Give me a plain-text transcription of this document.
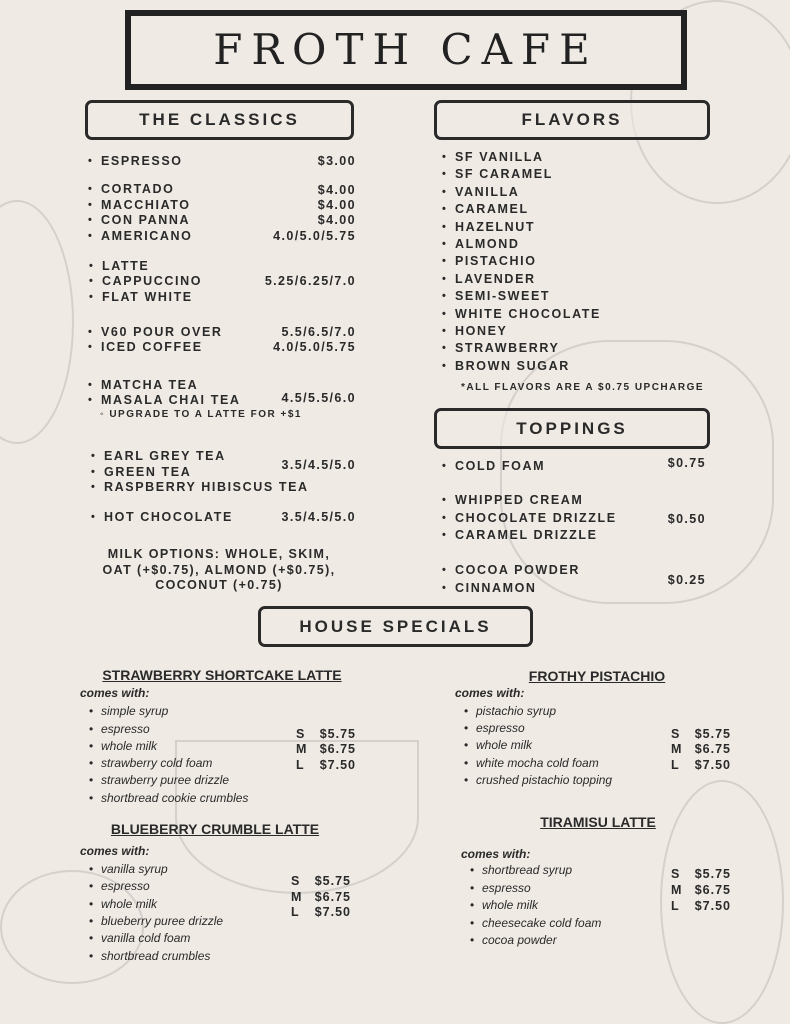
FROTH CAFE
THE CLASSICS	FLAVORS
TOPPINGS
HOUSE SPECIALS
◦ UPGRADE TO A LATTE FOR +$1
MILK OPTIONS: WHOLE, SKIM,
OAT (+$0.75), ALMOND (+$0.75),
COCONUT (+0.75)
*ALL FLAVORS ARE A $0.75 UPCHARGE
• ESPRESSO
• CORTADO
• MACCHIATO
• CON PANNA
• AMERICANO
• LATTE
• CAPPUCCINO
• FLAT WHITE
• V60 POUR OVER
• ICED COFFEE
• MATCHA TEA
• MASALA CHAI TEA
• EARL GREY TEA
• GREEN TEA
• RASPBERRY HIBISCUS TEA
• HOT CHOCOLATE
$3.00
$4.00
$4.00
$4.00
4.0/5.0/5.75
5.25/6.25/7.0
5.5/6.5/7.0
4.0/5.0/5.75
4.5/5.5/6.0
3.5/4.5/5.0
3.5/4.5/5.0
• SF VANILLA
• SF CARAMEL
• VANILLA
• CARAMEL
• HAZELNUT
• ALMOND
• PISTACHIO
• LAVENDER
• SEMI-SWEET
• WHITE CHOCOLATE
• HONEY
• STRAWBERRY
• BROWN SUGAR
• COLD FOAM
• WHIPPED CREAM
• CHOCOLATE DRIZZLE
• CARAMEL DRIZZLE
• COCOA POWDER
• CINNAMON
$0.75
$0.50
$0.25
STRAWBERRY SHORTCAKE LATTE
comes with:
• simple syrup
• espresso
• whole milk
• strawberry cold foam
• strawberry puree drizzle
• shortbread cookie crumbles
S $5.75
M $6.75
L $7.50
BLUEBERRY CRUMBLE LATTE
comes with:
• vanilla syrup
• espresso
• whole milk
• blueberry puree drizzle
• vanilla cold foam
• shortbread crumbles
S $5.75
M $6.75
L $7.50
FROTHY PISTACHIO
comes with:
• pistachio syrup
• espresso
• whole milk
• white mocha cold foam
• crushed pistachio topping
S $5.75
M $6.75
L $7.50
TIRAMISU LATTE
comes with:
• shortbread syrup
• espresso
• whole milk
• cheesecake cold foam
• cocoa powder
S $5.75
M $6.75
L $7.50
